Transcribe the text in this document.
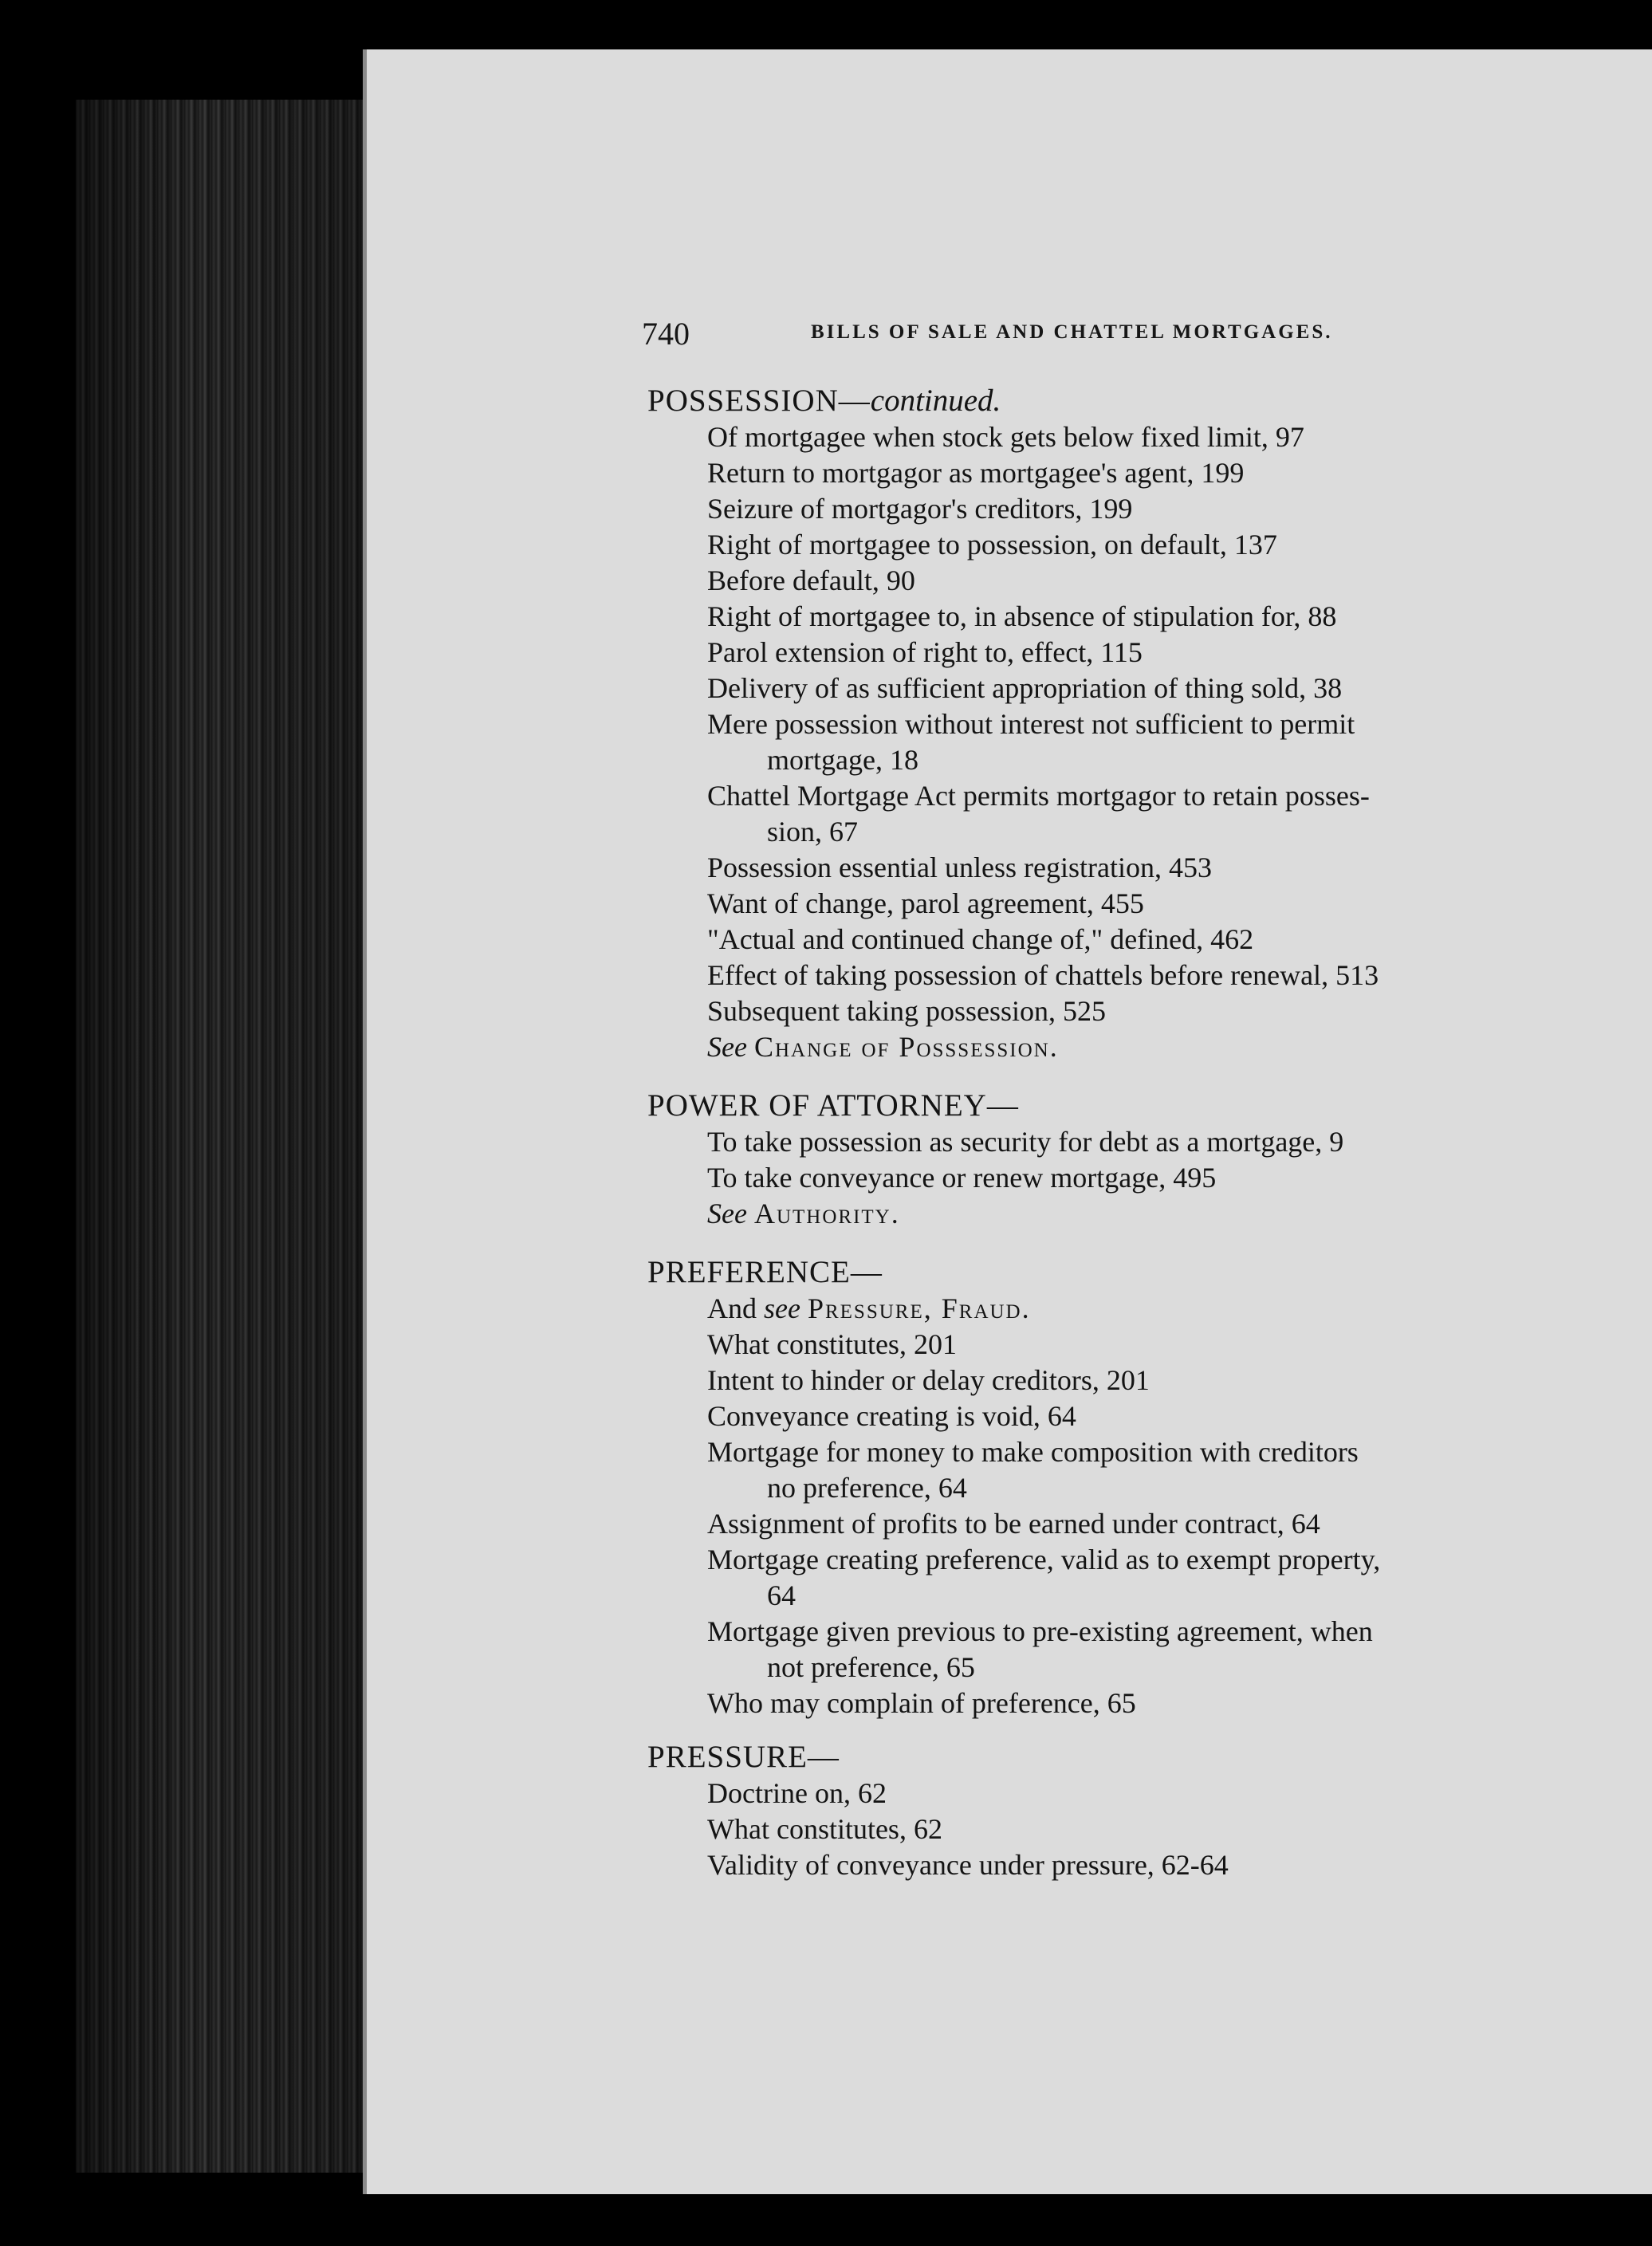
740	BILLS OF SALE AND CHATTEL MORTGAGES.
POSSESSION—continued.
Of mortgagee when stock gets below fixed limit, 97
Return to mortgagor as mortgagee's agent, 199
Seizure of mortgagor's creditors, 199
Right of mortgagee to possession, on default, 137
Before default, 90
Right of mortgagee to, in absence of stipulation for, 88
Parol extension of right to, effect, 115
Delivery of as sufficient appropriation of thing sold, 38
Mere possession without interest not sufficient to permit
mortgage, 18
Chattel Mortgage Act permits mortgagor to retain posses-
sion, 67
Possession essential unless registration, 453
Want of change, parol agreement, 455
"Actual and continued change of," defined, 462
Effect of taking possession of chattels before renewal, 513
Subsequent taking possession, 525
See Change of Posssession.
POWER OF ATTORNEY—
To take possession as security for debt as a mortgage, 9
To take conveyance or renew mortgage, 495
See Authority.
PREFERENCE—
And see Pressure, Fraud.
What constitutes, 201
Intent to hinder or delay creditors, 201
Conveyance creating is void, 64
Mortgage for money to make composition with creditors
no preference, 64
Assignment of profits to be earned under contract, 64
Mortgage creating preference, valid as to exempt property,
64
Mortgage given previous to pre-existing agreement, when
not preference, 65
Who may complain of preference, 65
PRESSURE—
Doctrine on, 62
What constitutes, 62
Validity of conveyance under pressure, 62-64
